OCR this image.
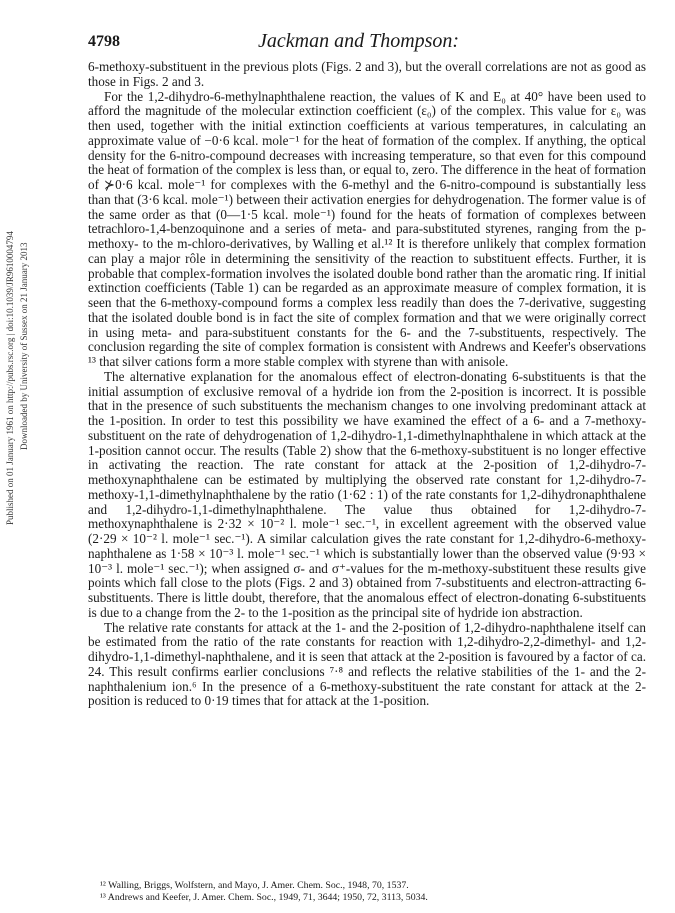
Published on 01 January 1961 on http://pubs.rsc.org | doi:10.1039/JR9610004794 Downloaded by University of Sussex on 21 January 2013
4798	Jackman and Thompson:

6-methoxy-substituent in the previous plots (Figs. 2 and 3), but the overall correlations are not as good as those in Figs. 2 and 3.

For the 1,2-dihydro-6-methylnaphthalene reaction, the values of K and E₀ at 40° have been used to afford the magnitude of the molecular extinction coefficient (ε₀) of the complex. This value for ε₀ was then used, together with the initial extinction coefficients at various temperatures, in calculating an approximate value of −0·6 kcal. mole⁻¹ for the heat of formation of the complex. If anything, the optical density for the 6-nitro-compound decreases with increasing temperature, so that even for this compound the heat of formation of the complex is less than, or equal to, zero. The difference in the heat of formation of ⊁0·6 kcal. mole⁻¹ for complexes with the 6-methyl and the 6-nitro-compound is substantially less than that (3·6 kcal. mole⁻¹) between their activation energies for dehydrogenation. The former value is of the same order as that (0—1·5 kcal. mole⁻¹) found for the heats of formation of complexes between tetrachloro-1,4-benzoquinone and a series of meta- and para-substituted styrenes, ranging from the p-methoxy- to the m-chloro-derivatives, by Walling et al.¹² It is therefore unlikely that complex formation can play a major rôle in determining the sensitivity of the reaction to substituent effects. Further, it is probable that complex-formation involves the isolated double bond rather than the aromatic ring. If initial extinction coefficients (Table 1) can be regarded as an approximate measure of complex formation, it is seen that the 6-methoxy-compound forms a complex less readily than does the 7-derivative, suggesting that the isolated double bond is in fact the site of complex formation and that we were originally correct in using meta- and para-substituent constants for the 6- and the 7-substituents, respectively. The conclusion regarding the site of complex formation is consistent with Andrews and Keefer's observations ¹³ that silver cations form a more stable complex with styrene than with anisole.

The alternative explanation for the anomalous effect of electron-donating 6-substituents is that the initial assumption of exclusive removal of a hydride ion from the 2-position is incorrect. It is possible that in the presence of such substituents the mechanism changes to one involving predominant attack at the 1-position. In order to test this possibility we have examined the effect of a 6- and a 7-methoxy-substituent on the rate of dehydrogenation of 1,2-dihydro-1,1-dimethylnaphthalene in which attack at the 1-position cannot occur. The results (Table 2) show that the 6-methoxy-substituent is no longer effective in activating the reaction. The rate constant for attack at the 2-position of 1,2-dihydro-7-methoxynaphthalene can be estimated by multiplying the observed rate constant for 1,2-dihydro-7-methoxy-1,1-dimethylnaphthalene by the ratio (1·62 : 1) of the rate constants for 1,2-dihydronaphthalene and 1,2-dihydro-1,1-dimethylnaphthalene. The value thus obtained for 1,2-dihydro-7-methoxynaphthalene is 2·32 × 10⁻² l. mole⁻¹ sec.⁻¹, in excellent agreement with the observed value (2·29 × 10⁻² l. mole⁻¹ sec.⁻¹). A similar calculation gives the rate constant for 1,2-dihydro-6-methoxy-naphthalene as 1·58 × 10⁻³ l. mole⁻¹ sec.⁻¹ which is substantially lower than the observed value (9·93 × 10⁻³ l. mole⁻¹ sec.⁻¹); when assigned σ- and σ⁺-values for the m-methoxy-substituent these results give points which fall close to the plots (Figs. 2 and 3) obtained from 7-substituents and electron-attracting 6-substituents. There is little doubt, therefore, that the anomalous effect of electron-donating 6-substituents is due to a change from the 2- to the 1-position as the principal site of hydride ion abstraction.

The relative rate constants for attack at the 1- and the 2-position of 1,2-dihydro-naphthalene itself can be estimated from the ratio of the rate constants for reaction with 1,2-dihydro-2,2-dimethyl- and 1,2-dihydro-1,1-dimethyl-naphthalene, and it is seen that attack at the 2-position is favoured by a factor of ca. 24. This result confirms earlier conclusions ⁷·⁸ and reflects the relative stabilities of the 1- and the 2-naphthalenium ion.⁶ In the presence of a 6-methoxy-substituent the rate constant for attack at the 2-position is reduced to 0·19 times that for attack at the 1-position.

¹² Walling, Briggs, Wolfstern, and Mayo, J. Amer. Chem. Soc., 1948, 70, 1537.

¹³ Andrews and Keefer, J. Amer. Chem. Soc., 1949, 71, 3644; 1950, 72, 3113, 5034.
